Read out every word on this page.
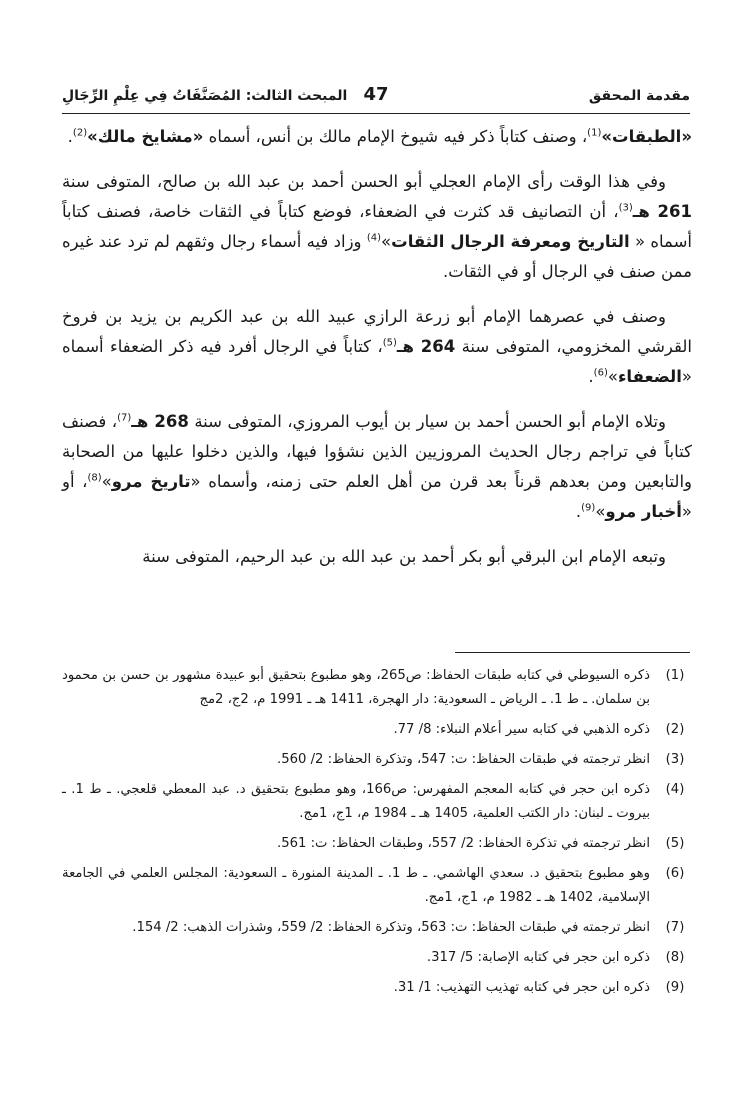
مقدمة المحقق
47
المبحث الثالث: المُصَنَّفَاتُ فِي عِلْمِ الرِّجَالِ

«الطبقات»$^{(1)}$، وصنف كتاباً ذكر فيه شيوخ الإمام مالك بن أنس، أسماه «مشايخ مالك»$^{(2)}$.

وفي هذا الوقت رأى الإمام العجلي أبو الحسن أحمد بن عبد الله بن صالح، المتوفى سنة 261 هـ$^{(3)}$، أن التصانيف قد كثرت في الضعفاء، فوضع كتاباً في الثقات خاصة، فصنف كتاباً أسماه « التاريخ ومعرفة الرجال الثقات»$^{(4)}$ وزاد فيه أسماء رجال وثقهم لم ترد عند غيره ممن صنف في الرجال أو في الثقات.

وصنف في عصرهما الإمام أبو زرعة الرازي عبيد الله بن عبد الكريم بن يزيد بن فروخ القرشي المخزومي، المتوفى سنة 264 هـ$^{(5)}$، كتاباً في الرجال أفرد فيه ذكر الضعفاء أسماه «الضعفاء»$^{(6)}$.

وتلاه الإمام أبو الحسن أحمد بن سيار بن أيوب المروزي، المتوفى سنة 268 هـ$^{(7)}$، فصنف كتاباً في تراجم رجال الحديث المروزيين الذين نشؤوا فيها، والذين دخلوا عليها من الصحابة والتابعين ومن بعدهم قرناً بعد قرن من أهل العلم حتى زمنه، وأسماه «تاريخ مرو»$^{(8)}$، أو «أخبار مرو»$^{(9)}$.

وتبعه الإمام ابن البرقي أبو بكر أحمد بن عبد الله بن عبد الرحيم، المتوفى سنة

(1)
ذكره السيوطي في كتابه طبقات الحفاظ: ص265، وهو مطبوع بتحقيق أبو عبيدة مشهور بن حسن بن محمود بن سلمان. ـ ط 1. ـ الرياض ـ السعودية: دار الهجرة، 1411 هـ ـ 1991 م، 2ج، 2مج
(2)
ذكره الذهبي في كتابه سير أعلام النبلاء: 8/ 77.
(3)
انظر ترجمته في طبقات الحفاظ: ت: 547، وتذكرة الحفاظ: 2/ 560.
(4)
ذكره ابن حجر في كتابه المعجم المفهرس: ص166، وهو مطبوع بتحقيق د. عبد المعطي قلعجي. ـ ط 1. ـ بيروت ـ لبنان: دار الكتب العلمية، 1405 هـ ـ 1984 م، 1ج، 1مج.
(5)
انظر ترجمته في تذكرة الحفاظ: 2/ 557، وطبقات الحفاظ: ت: 561.
(6)
وهو مطبوع بتحقيق د. سعدي الهاشمي. ـ ط 1. ـ المدينة المنورة ـ السعودية: المجلس العلمي في الجامعة الإسلامية، 1402 هـ ـ 1982 م، 1ج، 1مج.
(7)
انظر ترجمته في طبقات الحفاظ: ت: 563، وتذكرة الحفاظ: 2/ 559، وشذرات الذهب: 2/ 154.
(8)
ذكره ابن حجر في كتابه الإصابة: 5/ 317.
(9)
ذكره ابن حجر في كتابه تهذيب التهذيب: 1/ 31.
